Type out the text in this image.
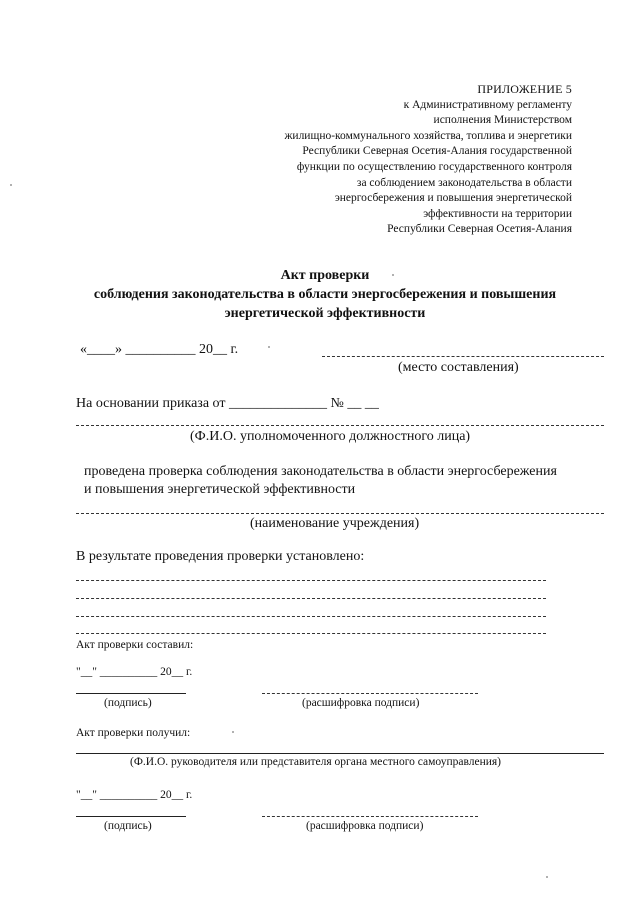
ПРИЛОЖЕНИЕ 5
к Административному регламенту
исполнения Министерством
жилищно-коммунального хозяйства, топлива и энергетики
Республики Северная Осетия-Алания государственной
функции по осуществлению государственного контроля
за соблюдением законодательства в области
энергосбережения и повышения энергетической
эффективности на территории
Республики Северная Осетия-Алания
Акт проверки
соблюдения законодательства в области энергосбережения и повышения
энергетической эффективности
«____» __________ 20__ г.
(место составления)
На основании приказа от ______________ № __ __
(Ф.И.О. уполномоченного должностного лица)
проведена проверка соблюдения законодательства в области энергосбережения
и повышения энергетической эффективности
(наименование учреждения)
В результате проведения проверки установлено:
Акт проверки составил:
"__" __________ 20__ г.
(подпись)	(расшифровка подписи)
Акт проверки получил:
(Ф.И.О. руководителя или представителя органа местного самоуправления)
"__" __________ 20__ г.
(подпись)	(расшифровка подписи)
